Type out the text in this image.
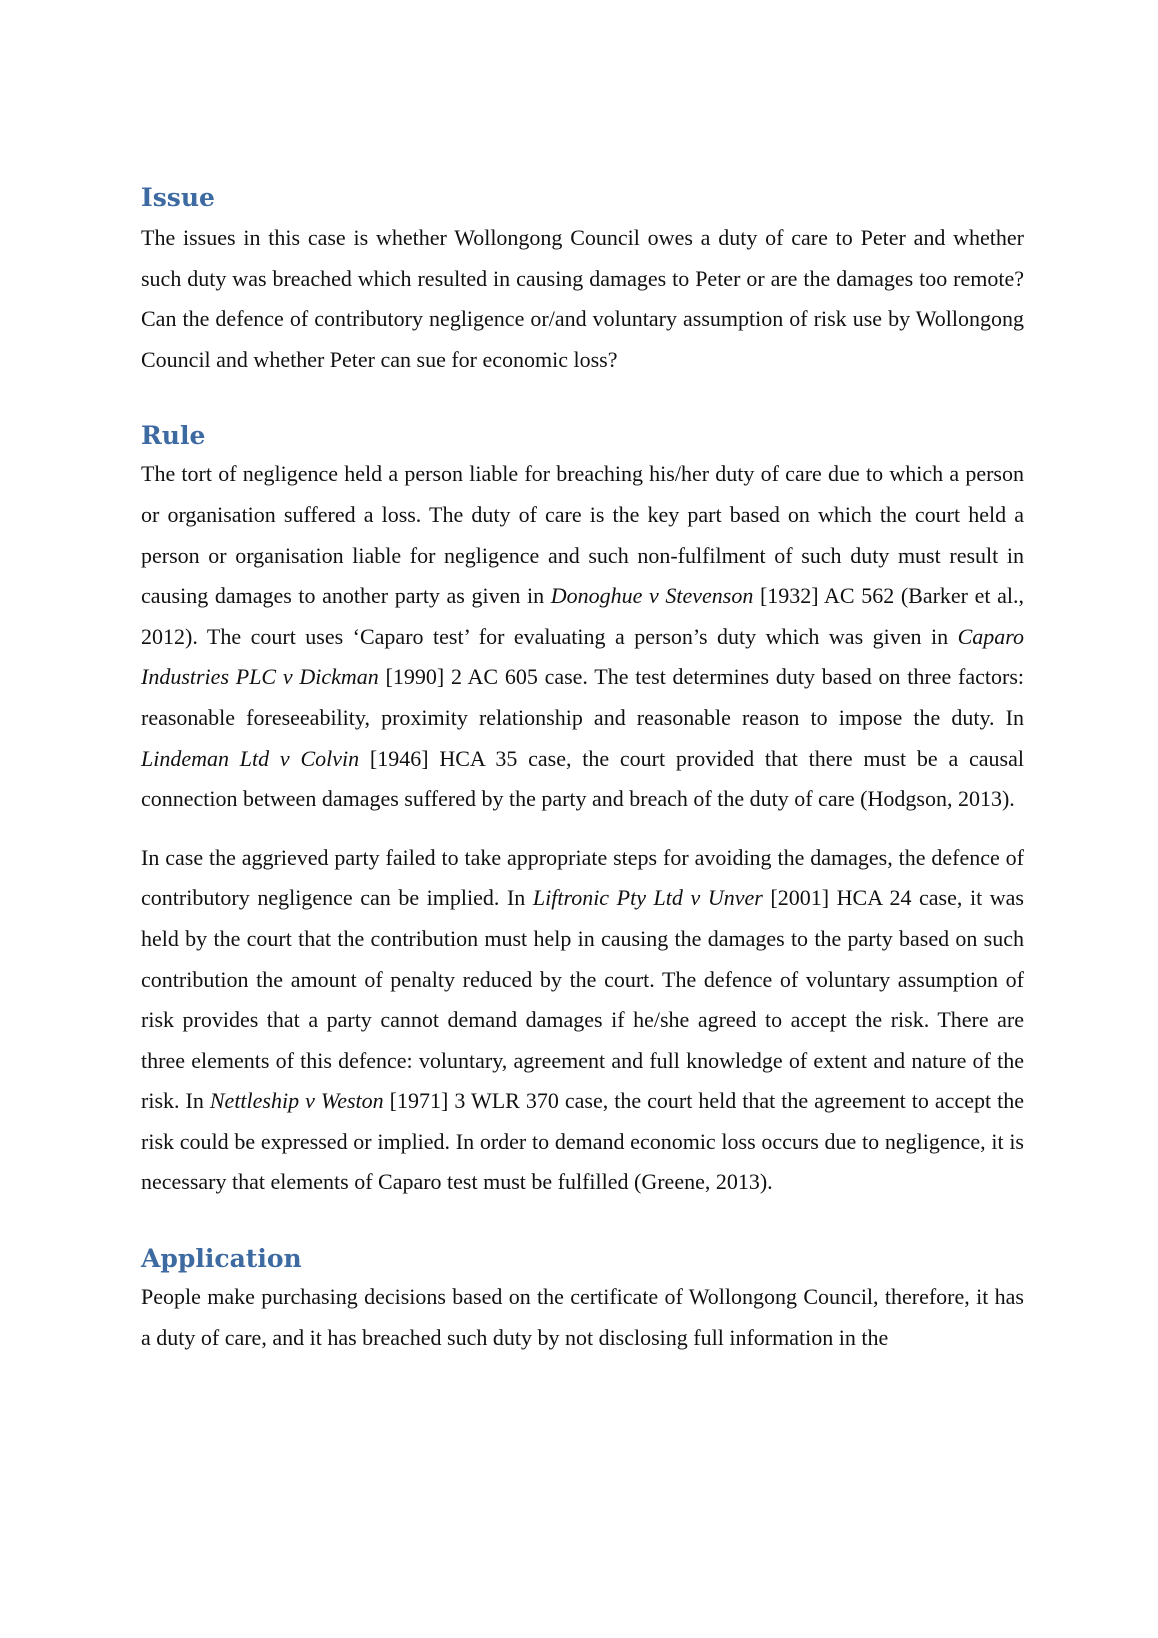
Issue

The issues in this case is whether Wollongong Council owes a duty of care to Peter and whether such duty was breached which resulted in causing damages to Peter or are the damages too remote? Can the defence of contributory negligence or/and voluntary assumption of risk use by Wollongong Council and whether Peter can sue for economic loss?

Rule

The tort of negligence held a person liable for breaching his/her duty of care due to which a person or organisation suffered a loss. The duty of care is the key part based on which the court held a person or organisation liable for negligence and such non-fulfilment of such duty must result in causing damages to another party as given in Donoghue v Stevenson [1932] AC 562 (Barker et al., 2012). The court uses ‘Caparo test’ for evaluating a person’s duty which was given in Caparo Industries PLC v Dickman [1990] 2 AC 605 case. The test determines duty based on three factors: reasonable foreseeability, proximity relationship and reasonable reason to impose the duty. In Lindeman Ltd v Colvin [1946] HCA 35 case, the court provided that there must be a causal connection between damages suffered by the party and breach of the duty of care (Hodgson, 2013).

In case the aggrieved party failed to take appropriate steps for avoiding the damages, the defence of contributory negligence can be implied. In Liftronic Pty Ltd v Unver [2001] HCA 24 case, it was held by the court that the contribution must help in causing the damages to the party based on such contribution the amount of penalty reduced by the court. The defence of voluntary assumption of risk provides that a party cannot demand damages if he/she agreed to accept the risk. There are three elements of this defence: voluntary, agreement and full knowledge of extent and nature of the risk. In Nettleship v Weston [1971] 3 WLR 370 case, the court held that the agreement to accept the risk could be expressed or implied. In order to demand economic loss occurs due to negligence, it is necessary that elements of Caparo test must be fulfilled (Greene, 2013).

Application

People make purchasing decisions based on the certificate of Wollongong Council, therefore, it has a duty of care, and it has breached such duty by not disclosing full information in the
